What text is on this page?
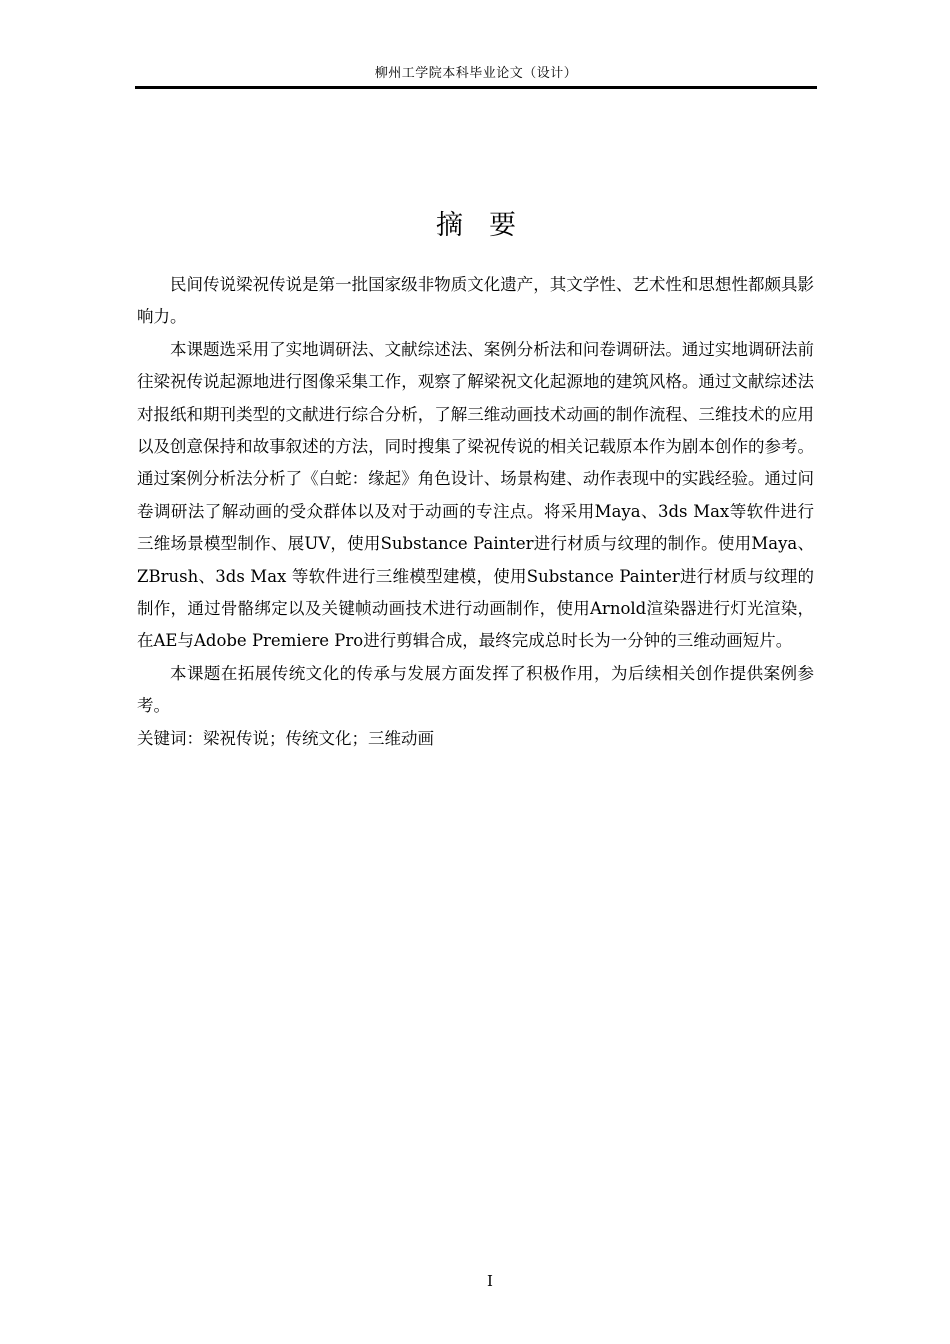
柳州工学院本科毕业论文（设计）
摘要

民间传说梁祝传说是第一批国家级非物质文化遗产，其文学性、艺术性和思想性都颇具影响力。

本课题选采用了实地调研法、文献综述法、案例分析法和问卷调研法。通过实地调研法前往梁祝传说起源地进行图像采集工作，观察了解梁祝文化起源地的建筑风格。通过文献综述法对报纸和期刊类型的文献进行综合分析，了解三维动画技术动画的制作流程、三维技术的应用以及创意保持和故事叙述的方法，同时搜集了梁祝传说的相关记载原本作为剧本创作的参考。通过案例分析法分析了《白蛇：缘起》角色设计、场景构建、动作表现中的实践经验。通过问卷调研法了解动画的受众群体以及对于动画的专注点。将采用Maya、3ds Max等软件进行三维场景模型制作、展UV，使用Substance Painter进行材质与纹理的制作。使用Maya、ZBrush、3ds Max 等软件进行三维模型建模，使用Substance Painter进行材质与纹理的制作，通过骨骼绑定以及关键帧动画技术进行动画制作，使用Arnold渲染器进行灯光渲染，在AE与Adobe Premiere Pro进行剪辑合成，最终完成总时长为一分钟的三维动画短片。

本课题在拓展传统文化的传承与发展方面发挥了积极作用，为后续相关创作提供案例参考。

关键词：梁祝传说；传统文化；三维动画
I
